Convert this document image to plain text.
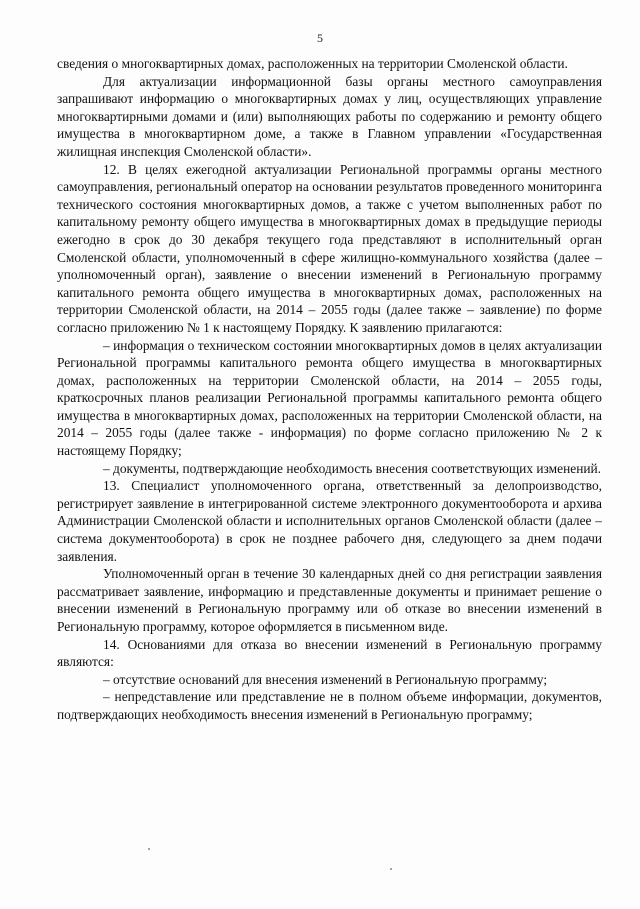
5

сведения о многоквартирных домах, расположенных на территории Смоленской области.

Для актуализации информационной базы органы местного самоуправления запрашивают информацию о многоквартирных домах у лиц, осуществляющих управление многоквартирными домами и (или) выполняющих работы по содержанию и ремонту общего имущества в многоквартирном доме, а также в Главном управлении «Государственная жилищная инспекция Смоленской области».

12. В целях ежегодной актуализации Региональной программы органы местного самоуправления, региональный оператор на основании результатов проведенного мониторинга технического состояния многоквартирных домов, а также с учетом выполненных работ по капитальному ремонту общего имущества в многоквартирных домах в предыдущие периоды ежегодно в срок до 30 декабря текущего года представляют в исполнительный орган Смоленской области, уполномоченный в сфере жилищно-коммунального хозяйства (далее – уполномоченный орган), заявление о внесении изменений в Региональную программу капитального ремонта общего имущества в многоквартирных домах, расположенных на территории Смоленской области, на 2014 – 2055 годы (далее также – заявление) по форме согласно приложению № 1 к настоящему Порядку. К заявлению прилагаются:

– информация о техническом состоянии многоквартирных домов в целях актуализации Региональной программы капитального ремонта общего имущества в многоквартирных домах, расположенных на территории Смоленской области, на 2014 – 2055 годы, краткосрочных планов реализации Региональной программы капитального ремонта общего имущества в многоквартирных домах, расположенных на территории Смоленской области, на 2014 – 2055 годы (далее также - информация) по форме согласно приложению № 2 к настоящему Порядку;

– документы, подтверждающие необходимость внесения соответствующих изменений.

13. Специалист уполномоченного органа, ответственный за делопроизводство, регистрирует заявление в интегрированной системе электронного документооборота и архива Администрации Смоленской области и исполнительных органов Смоленской области (далее – система документооборота) в срок не позднее рабочего дня, следующего за днем подачи заявления.

Уполномоченный орган в течение 30 календарных дней со дня регистрации заявления рассматривает заявление, информацию и представленные документы и принимает решение о внесении изменений в Региональную программу или об отказе во внесении изменений в Региональную программу, которое оформляется в письменном виде.

14. Основаниями для отказа во внесении изменений в Региональную программу являются:

– отсутствие оснований для внесения изменений в Региональную программу;

– непредставление или представление не в полном объеме информации, документов, подтверждающих необходимость внесения изменений в Региональную программу;
